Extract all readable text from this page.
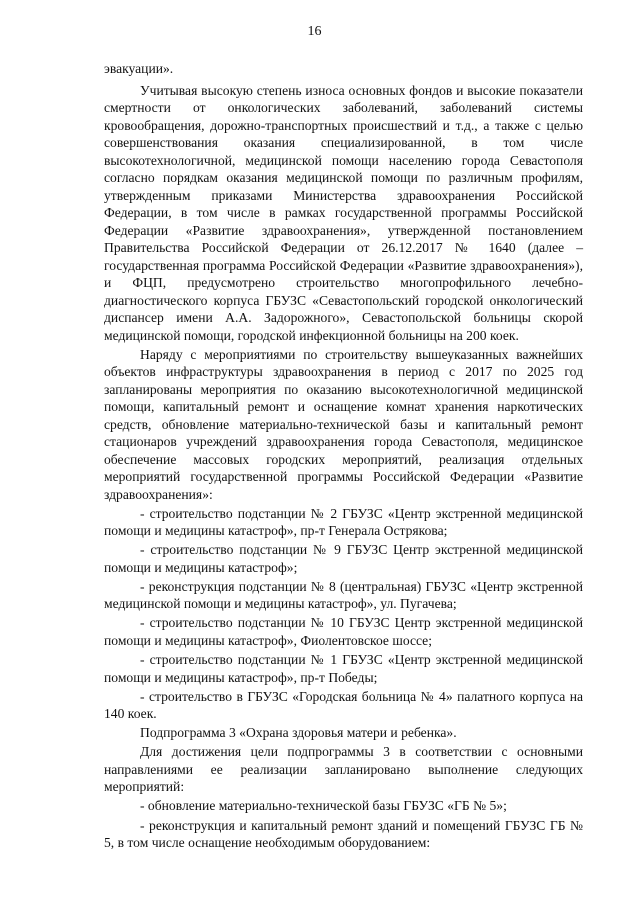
16

эвакуации».

Учитывая высокую степень износа основных фондов и высокие показатели смертности от онкологических заболеваний, заболеваний системы кровообращения, дорожно-транспортных происшествий и т.д., а также с целью совершенствования оказания специализированной, в том числе высокотехнологичной, медицинской помощи населению города Севастополя согласно порядкам оказания медицинской помощи по различным профилям, утвержденным приказами Министерства здравоохранения Российской Федерации, в том числе в рамках государственной программы Российской Федерации «Развитие здравоохранения», утвержденной постановлением Правительства Российской Федерации от 26.12.2017 № 1640 (далее – государственная программа Российской Федерации «Развитие здравоохранения»), и ФЦП, предусмотрено строительство многопрофильного лечебно-диагностического корпуса ГБУЗС «Севастопольский городской онкологический диспансер имени А.А. Задорожного», Севастопольской больницы скорой медицинской помощи, городской инфекционной больницы на 200 коек.

Наряду с мероприятиями по строительству вышеуказанных важнейших объектов инфраструктуры здравоохранения в период с 2017 по 2025 год запланированы мероприятия по оказанию высокотехнологичной медицинской помощи, капитальный ремонт и оснащение комнат хранения наркотических средств, обновление материально-технической базы и капитальный ремонт стационаров учреждений здравоохранения города Севастополя, медицинское обеспечение массовых городских мероприятий, реализация отдельных мероприятий государственной программы Российской Федерации «Развитие здравоохранения»:

- строительство подстанции № 2 ГБУЗС «Центр экстренной медицинской помощи и медицины катастроф», пр-т Генерала Острякова;

- строительство подстанции № 9 ГБУЗС Центр экстренной медицинской помощи и медицины катастроф»;

- реконструкция подстанции № 8 (центральная) ГБУЗС «Центр экстренной медицинской помощи и медицины катастроф», ул. Пугачева;

- строительство подстанции № 10 ГБУЗС Центр экстренной медицинской помощи и медицины катастроф», Фиолентовское шоссе;

- строительство подстанции № 1 ГБУЗС «Центр экстренной медицинской помощи и медицины катастроф», пр-т Победы;

- строительство в ГБУЗС «Городская больница № 4» палатного корпуса на 140 коек.

Подпрограмма 3 «Охрана здоровья матери и ребенка».

Для достижения цели подпрограммы 3 в соответствии с основными направлениями ее реализации запланировано выполнение следующих мероприятий:

- обновление материально-технической базы ГБУЗС «ГБ № 5»;

- реконструкция и капитальный ремонт зданий и помещений ГБУЗС ГБ № 5, в том числе оснащение необходимым оборудованием:
